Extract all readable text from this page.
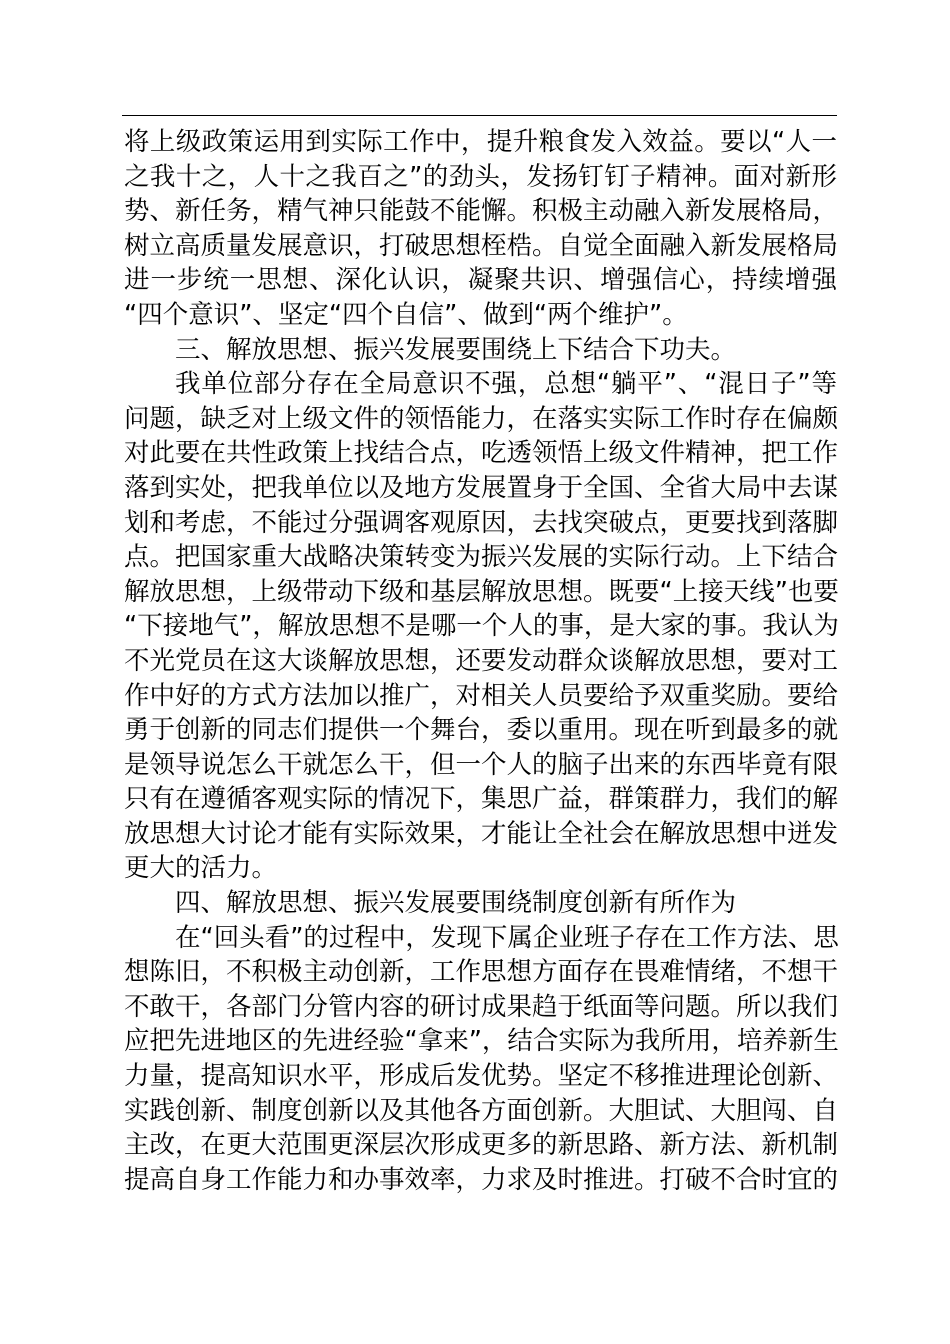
将上级政策运用到实际工作中，提升粮食发入效益。要以“人一
之我十之，人十之我百之”的劲头，发扬钉钉子精神。面对新形
势、新任务，精气神只能鼓不能懈。积极主动融入新发展格局，
树立高质量发展意识，打破思想桎梏。自觉全面融入新发展格局
进一步统一思想、深化认识，凝聚共识、增强信心，持续增强
“四个意识”、坚定“四个自信”、做到“两个维护”。
三、解放思想、振兴发展要围绕上下结合下功夫。
我单位部分存在全局意识不强，总想“躺平”、“混日子”等
问题，缺乏对上级文件的领悟能力，在落实实际工作时存在偏颇
对此要在共性政策上找结合点，吃透领悟上级文件精神，把工作
落到实处，把我单位以及地方发展置身于全国、全省大局中去谋
划和考虑，不能过分强调客观原因，去找突破点，更要找到落脚
点。把国家重大战略决策转变为振兴发展的实际行动。上下结合
解放思想，上级带动下级和基层解放思想。既要“上接天线”也要
“下接地气”，解放思想不是哪一个人的事，是大家的事。我认为
不光党员在这大谈解放思想，还要发动群众谈解放思想，要对工
作中好的方式方法加以推广，对相关人员要给予双重奖励。要给
勇于创新的同志们提供一个舞台，委以重用。现在听到最多的就
是领导说怎么干就怎么干，但一个人的脑子出来的东西毕竟有限
只有在遵循客观实际的情况下，集思广益，群策群力，我们的解
放思想大讨论才能有实际效果，才能让全社会在解放思想中迸发
更大的活力。
四、解放思想、振兴发展要围绕制度创新有所作为
在“回头看”的过程中，发现下属企业班子存在工作方法、思
想陈旧，不积极主动创新，工作思想方面存在畏难情绪，不想干
不敢干，各部门分管内容的研讨成果趋于纸面等问题。所以我们
应把先进地区的先进经验“拿来”，结合实际为我所用，培养新生
力量，提高知识水平，形成后发优势。坚定不移推进理论创新、
实践创新、制度创新以及其他各方面创新。大胆试、大胆闯、自
主改，在更大范围更深层次形成更多的新思路、新方法、新机制
提高自身工作能力和办事效率，力求及时推进。打破不合时宜的
